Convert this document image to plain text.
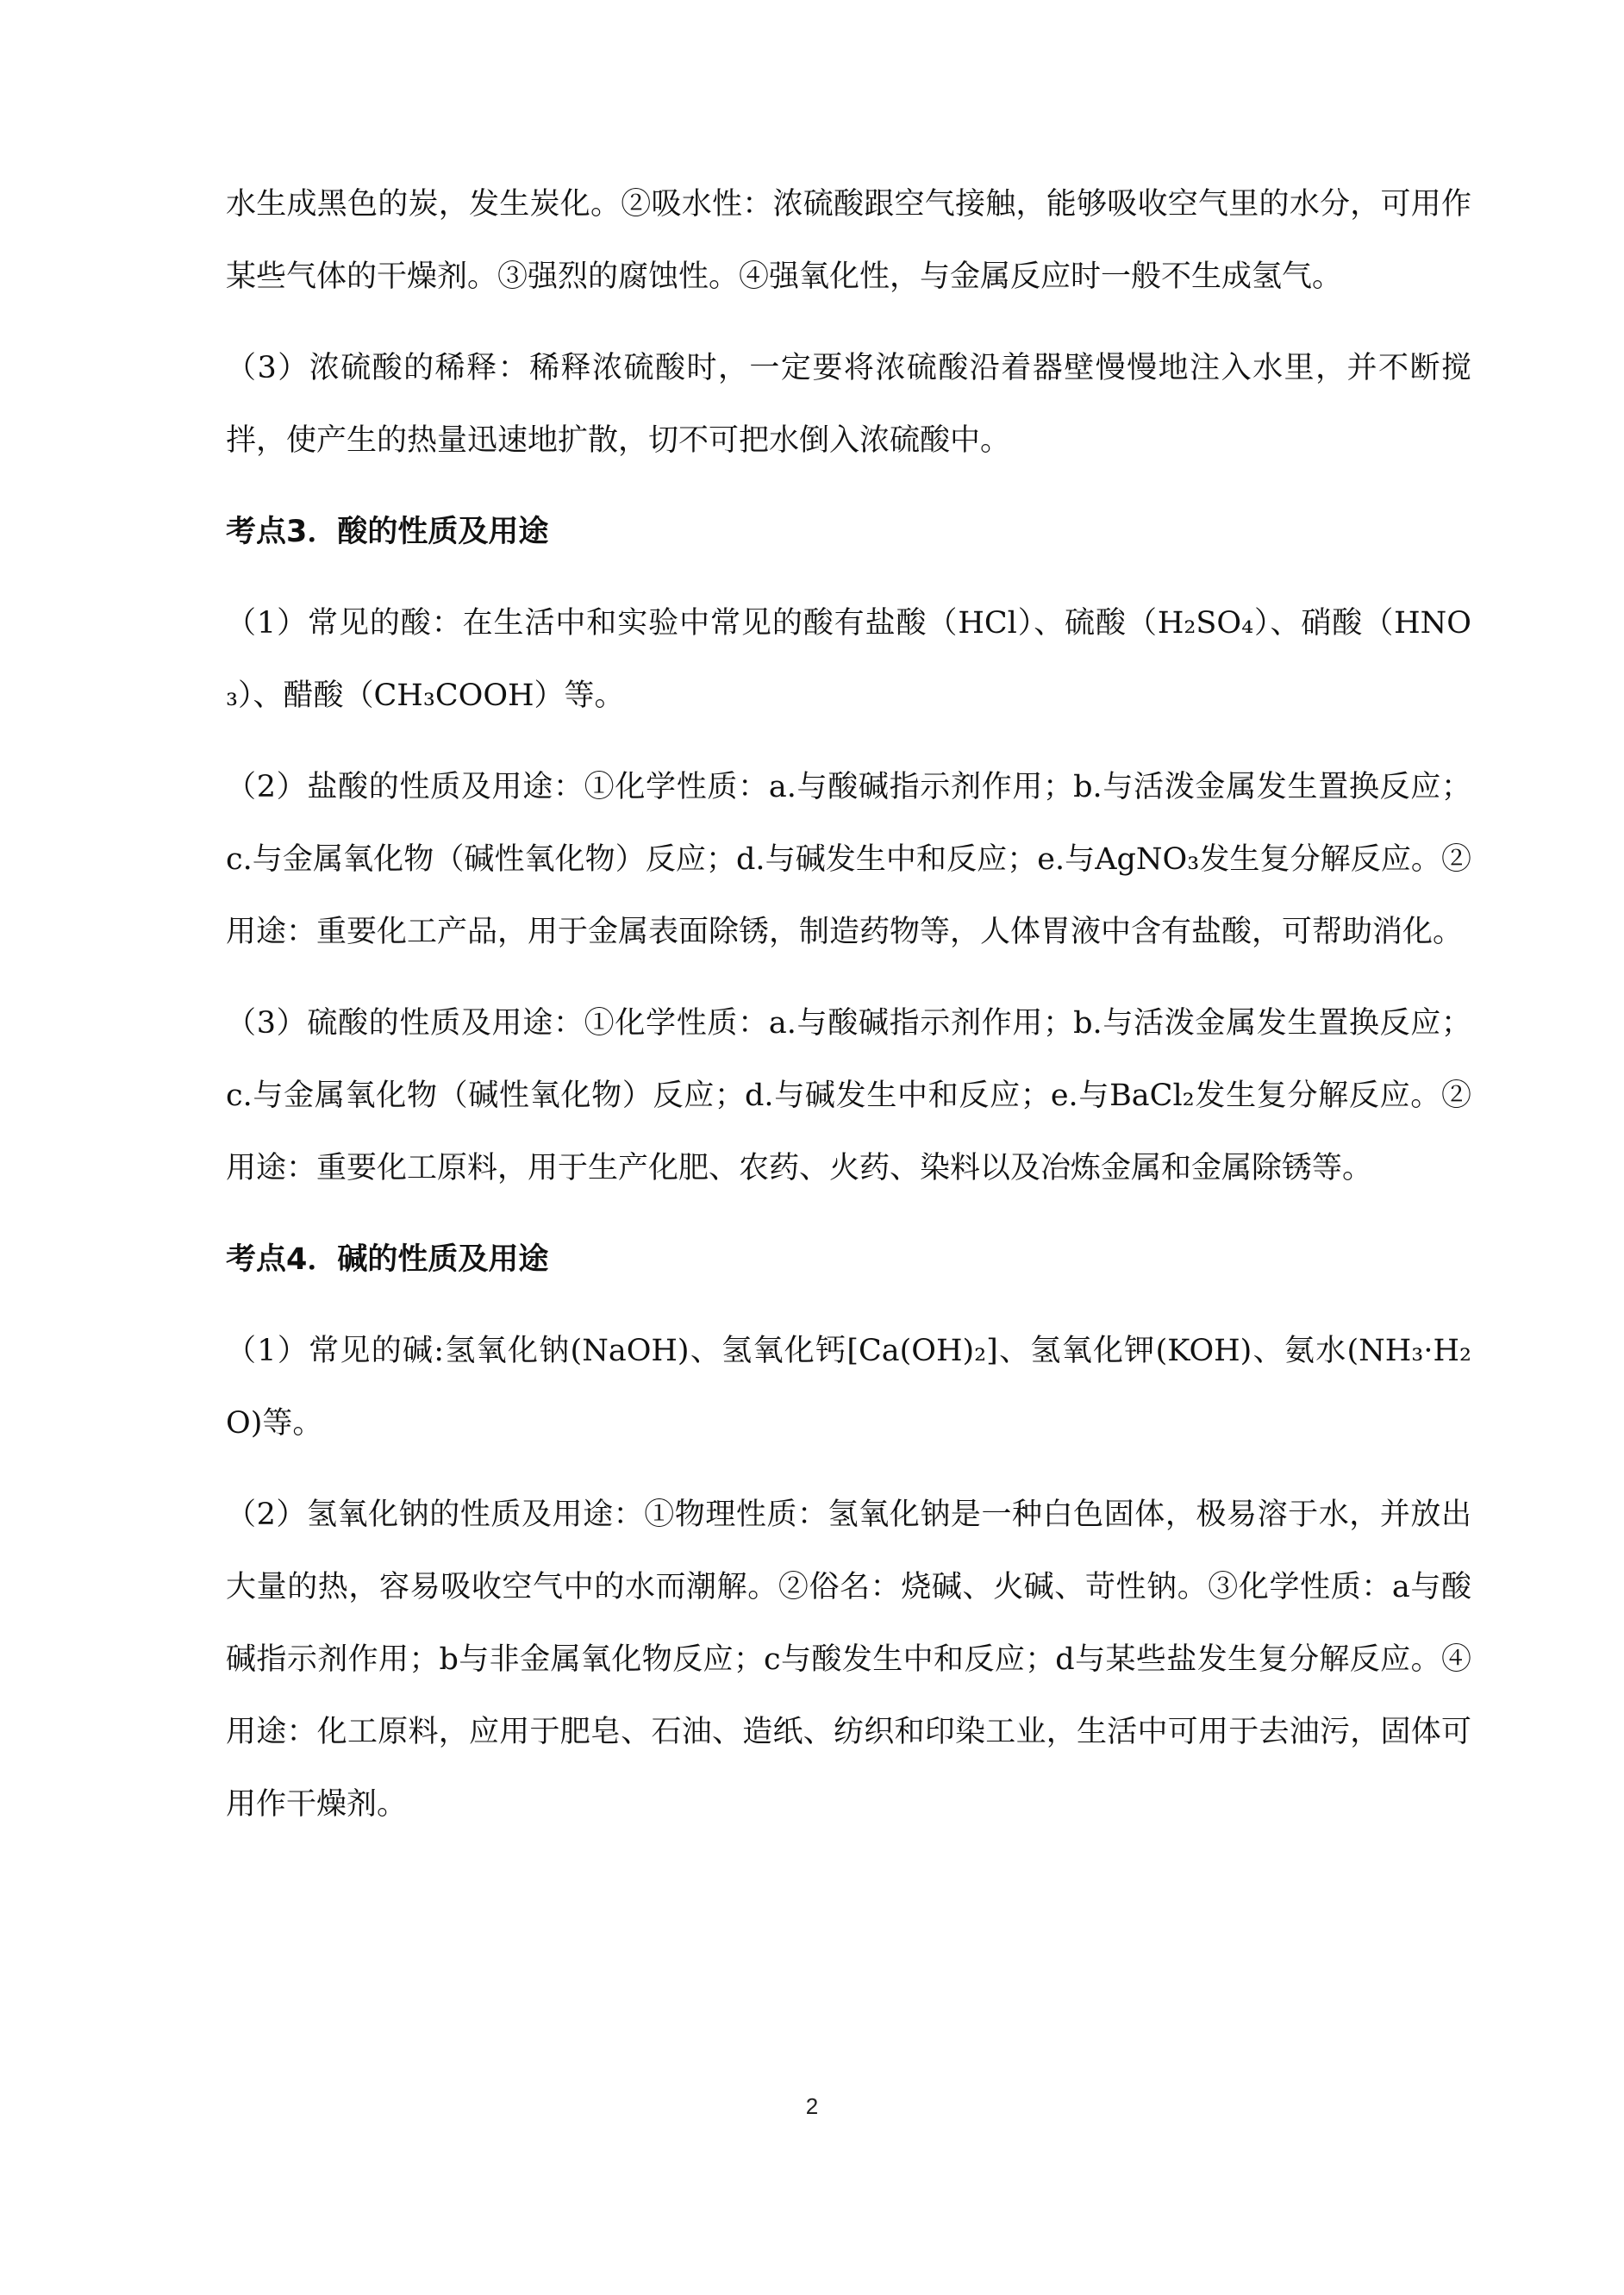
水生成黑色的炭，发生炭化。②吸水性：浓硫酸跟空气接触，能够吸收空气里的水分，可用作某些气体的干燥剂。③强烈的腐蚀性。④强氧化性，与金属反应时一般不生成氢气。

（3）浓硫酸的稀释：稀释浓硫酸时，一定要将浓硫酸沿着器壁慢慢地注入水里，并不断搅拌，使产生的热量迅速地扩散，切不可把水倒入浓硫酸中。

考点3．酸的性质及用途

（1）常见的酸：在生活中和实验中常见的酸有盐酸（HCl）、硫酸（H₂SO₄）、硝酸（HNO₃）、醋酸（CH₃COOH）等。

（2）盐酸的性质及用途：①化学性质：a.与酸碱指示剂作用；b.与活泼金属发生置换反应；c.与金属氧化物（碱性氧化物）反应；d.与碱发生中和反应；e.与AgNO₃发生复分解反应。②用途：重要化工产品，用于金属表面除锈，制造药物等，人体胃液中含有盐酸，可帮助消化。

（3）硫酸的性质及用途：①化学性质：a.与酸碱指示剂作用；b.与活泼金属发生置换反应；c.与金属氧化物（碱性氧化物）反应；d.与碱发生中和反应；e.与BaCl₂发生复分解反应。②用途：重要化工原料，用于生产化肥、农药、火药、染料以及冶炼金属和金属除锈等。

考点4．碱的性质及用途

（1）常见的碱:氢氧化钠(NaOH)、氢氧化钙[Ca(OH)₂]、氢氧化钾(KOH)、氨水(NH₃·H₂O)等。

（2）氢氧化钠的性质及用途：①物理性质：氢氧化钠是一种白色固体，极易溶于水，并放出大量的热，容易吸收空气中的水而潮解。②俗名：烧碱、火碱、苛性钠。③化学性质：a与酸碱指示剂作用；b与非金属氧化物反应；c与酸发生中和反应；d与某些盐发生复分解反应。④用途：化工原料，应用于肥皂、石油、造纸、纺织和印染工业，生活中可用于去油污，固体可用作干燥剂。

2
